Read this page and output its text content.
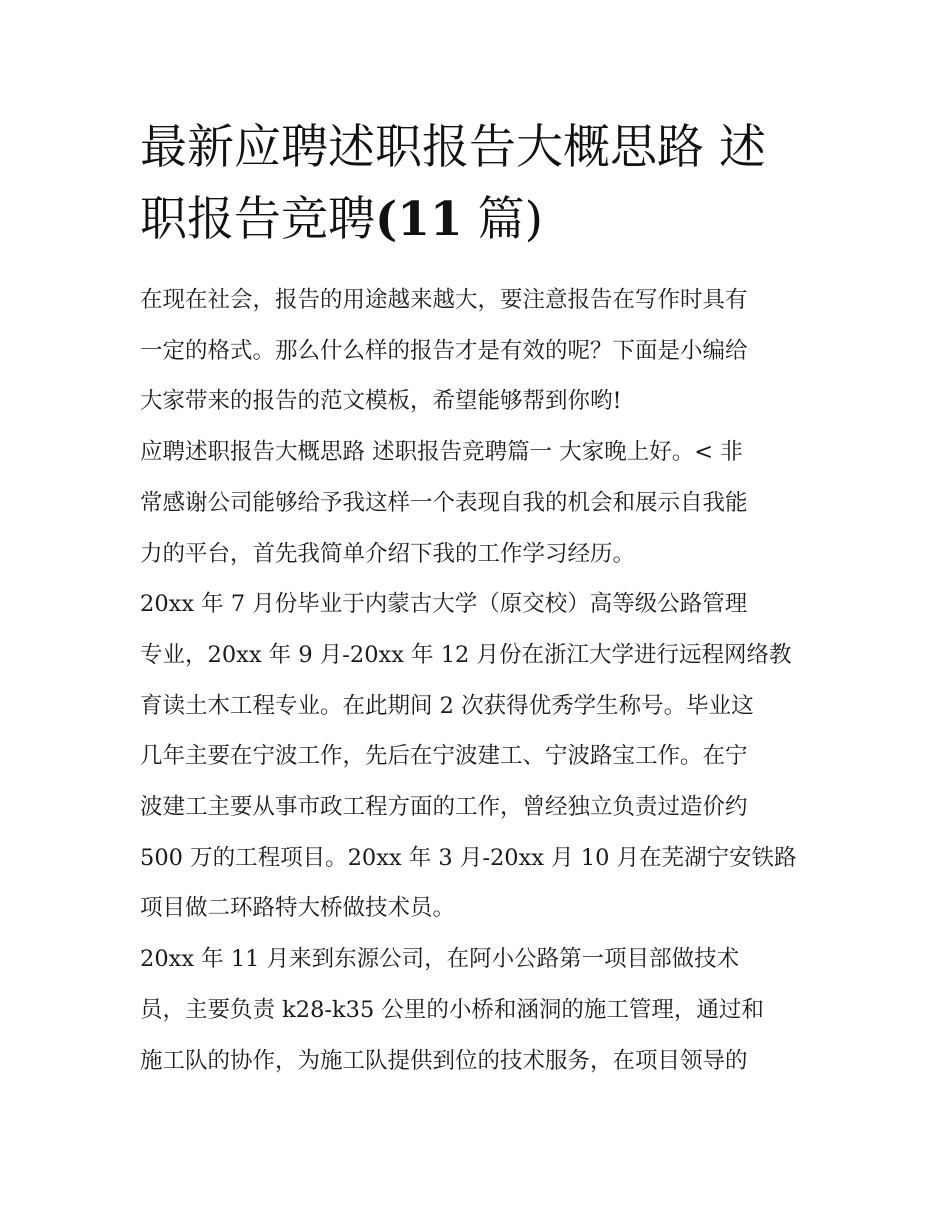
最新应聘述职报告大概思路 述
职报告竞聘(11 篇)

在现在社会，报告的用途越来越大，要注意报告在写作时具有
一定的格式。那么什么样的报告才是有效的呢？下面是小编给
大家带来的报告的范文模板，希望能够帮到你哟!

应聘述职报告大概思路 述职报告竞聘篇一 大家晚上好。< 非
常感谢公司能够给予我这样一个表现自我的机会和展示自我能
力的平台，首先我简单介绍下我的工作学习经历。

20xx 年 7 月份毕业于内蒙古大学（原交校）高等级公路管理
专业，20xx 年 9 月-20xx 年 12 月份在浙江大学进行远程网络教
育读土木工程专业。在此期间 2 次获得优秀学生称号。毕业这
几年主要在宁波工作，先后在宁波建工、宁波路宝工作。在宁
波建工主要从事市政工程方面的工作，曾经独立负责过造价约
500 万的工程项目。20xx 年 3 月-20xx 月 10 月在芜湖宁安铁路
项目做二环路特大桥做技术员。

20xx 年 11 月来到东源公司，在阿小公路第一项目部做技术
员，主要负责 k28-k35 公里的小桥和涵洞的施工管理，通过和
施工队的协作，为施工队提供到位的技术服务，在项目领导的
